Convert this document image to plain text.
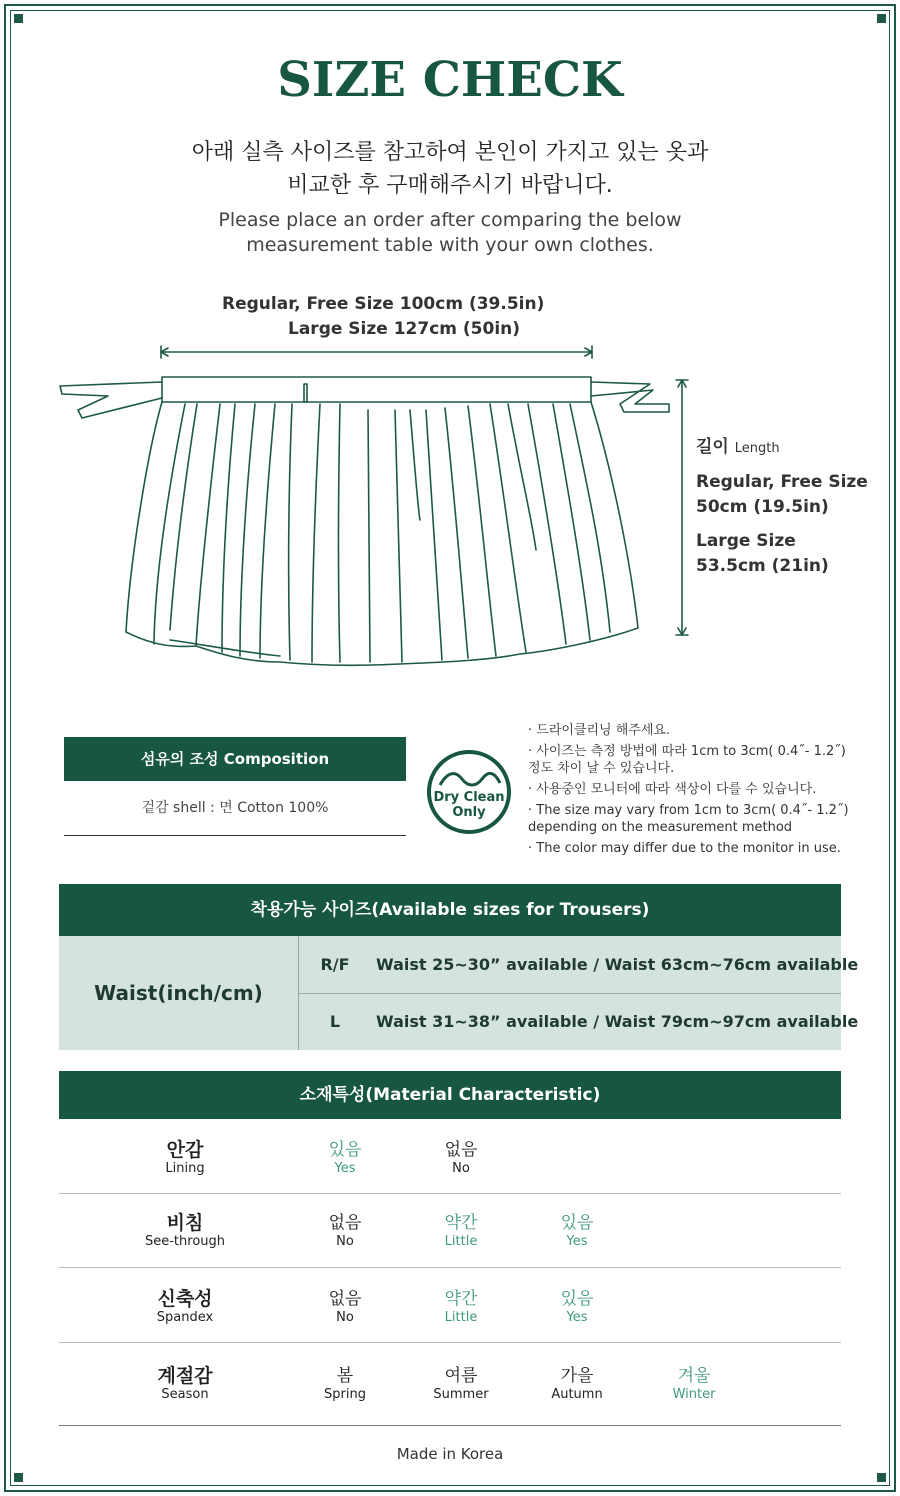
SIZE CHECK
아래 실측 사이즈를 참고하여 본인이 가지고 있는 옷과
비교한 후 구매해주시기 바랍니다.
Please place an order after comparing the below
measurement table with your own clothes.
Regular, Free Size 100cm (39.5in)
Large Size 127cm (50in)
길이 Length
Regular, Free Size
50cm (19.5in)
Large Size
53.5cm (21in)
섬유의 조성 Composition
겉감 shell : 면 Cotton 100%
Dry Clean
Only
· 드라이클리닝 해주세요.
· 사이즈는 측정 방법에 따라 1cm to 3cm( 0.4˝- 1.2˝)
정도 차이 날 수 있습니다.
· 사용중인 모니터에 따라 색상이 다를 수 있습니다.
· The size may vary from 1cm to 3cm( 0.4˝- 1.2˝)
depending on the measurement method
· The color may differ due to the monitor in use.
착용가능 사이즈(Available sizes for Trousers)
Waist(inch/cm)
R/F	Waist 25~30” available / Waist 63cm~76cm available
L	Waist 31~38” available / Waist 79cm~97cm available
소재특성(Material Characteristic)
안감
Lining
있음
Yes
없음
No
비침
See-through
없음
No
약간
Little
있음
Yes
신축성
Spandex
없음
No
약간
Little
있음
Yes
계절감
Season
봄
Spring
여름
Summer
가을
Autumn
겨울
Winter
Made in Korea
